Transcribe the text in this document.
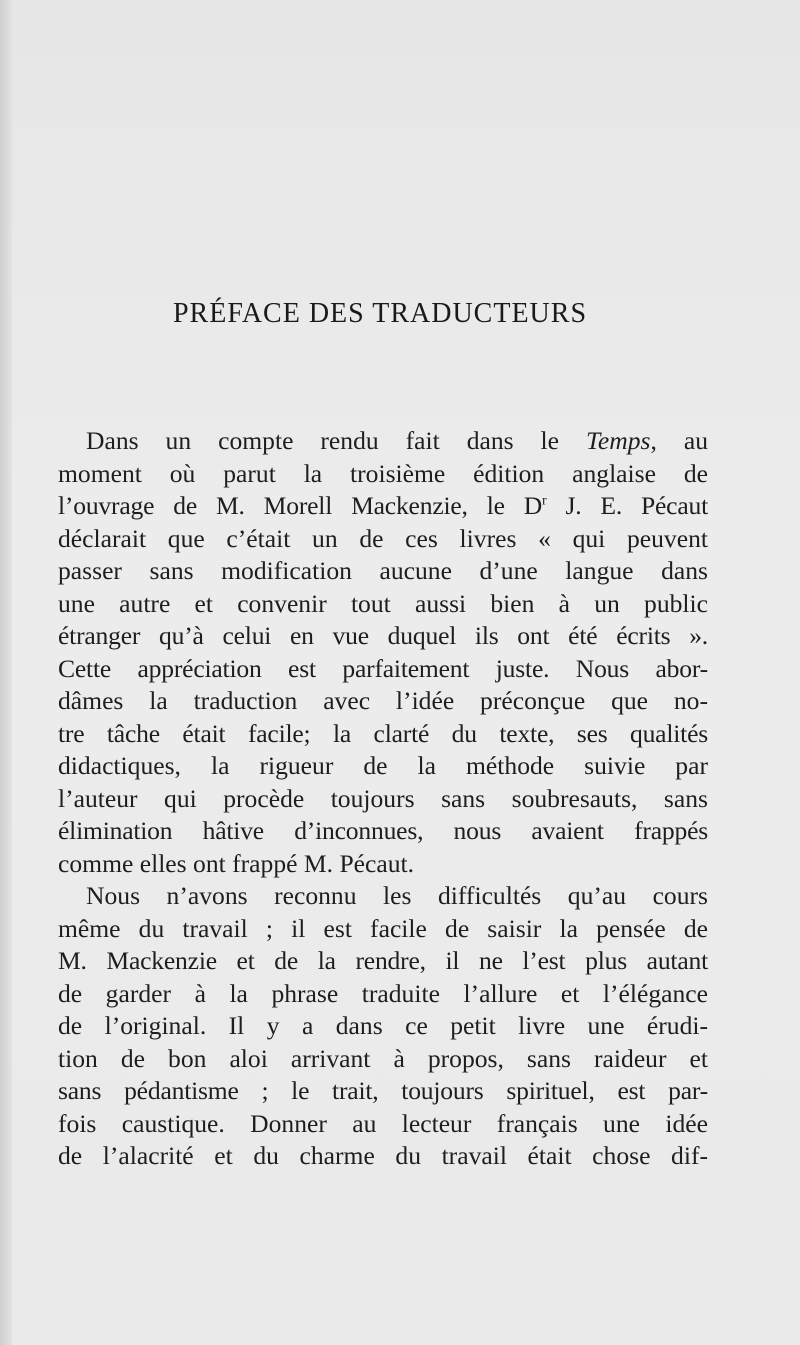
PRÉFACE DES TRADUCTEURS
Dans un compte rendu fait dans le Temps, au
moment où parut la troisième édition anglaise de
l’ouvrage de M. Morell Mackenzie, le $D^r$ J. E. Pécaut
déclarait que c’était un de ces livres « qui peuvent
passer sans modification aucune d’une langue dans
une autre et convenir tout aussi bien à un public
étranger qu’à celui en vue duquel ils ont été écrits ».
Cette appréciation est parfaitement juste. Nous abor-
dâmes la traduction avec l’idée préconçue que no-
tre tâche était facile; la clarté du texte, ses qualités
didactiques, la rigueur de la méthode suivie par
l’auteur qui procède toujours sans soubresauts, sans
élimination hâtive d’inconnues, nous avaient frappés
comme elles ont frappé M. Pécaut.
Nous n’avons reconnu les difficultés qu’au cours
même du travail ; il est facile de saisir la pensée de
M. Mackenzie et de la rendre, il ne l’est plus autant
de garder à la phrase traduite l’allure et l’élégance
de l’original. Il y a dans ce petit livre une érudi-
tion de bon aloi arrivant à propos, sans raideur et
sans pédantisme ; le trait, toujours spirituel, est par-
fois caustique. Donner au lecteur français une idée
de l’alacrité et du charme du travail était chose dif-
